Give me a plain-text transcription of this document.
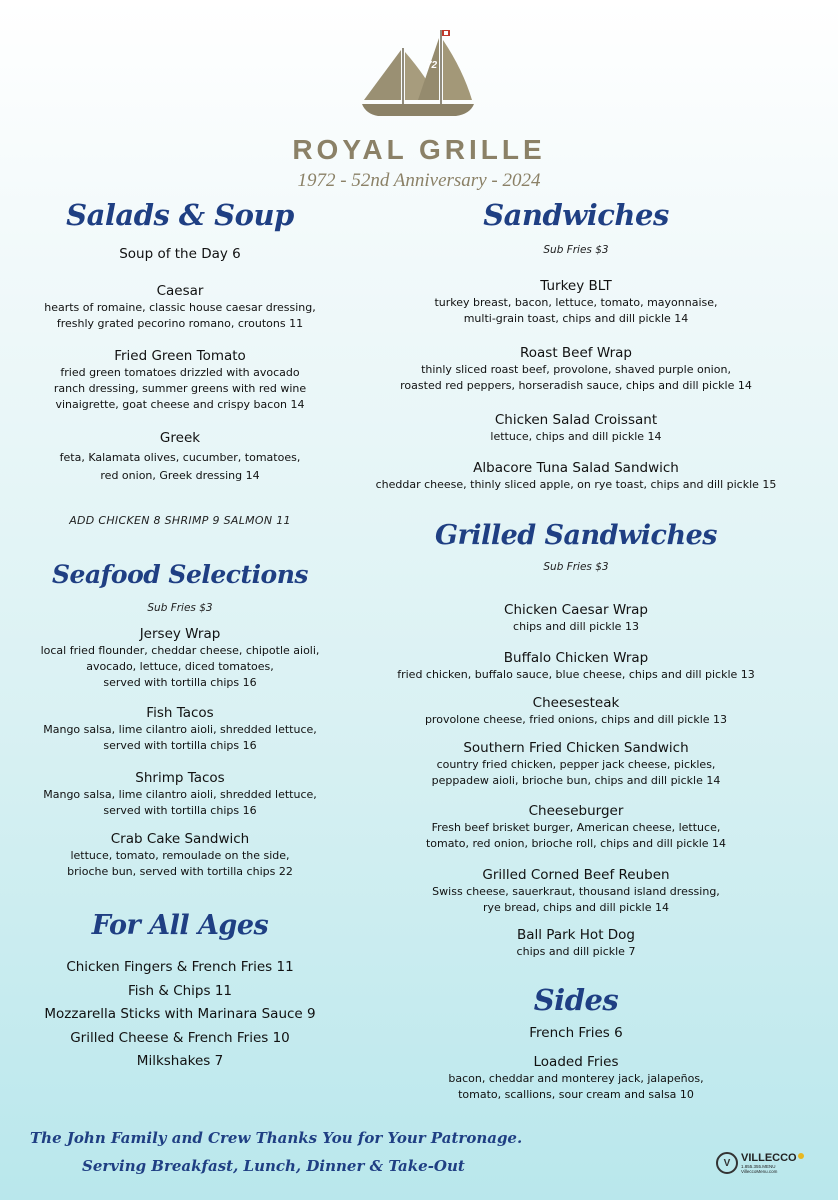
72
ROYAL GRILLE
1972 - 52nd Anniversary - 2024
Salads & Soup
Soup of the Day 6
Caesar
hearts of romaine, classic house caesar dressing,
freshly grated pecorino romano, croutons 11
Fried Green Tomato
fried green tomatoes drizzled with avocado
ranch dressing, summer greens with red wine
vinaigrette, goat cheese and crispy bacon 14
Greek
feta, Kalamata olives, cucumber, tomatoes,
red onion, Greek dressing 14
ADD CHICKEN 8 SHRIMP 9 SALMON 11
Seafood Selections
Sub Fries $3
Jersey Wrap
local fried flounder, cheddar cheese, chipotle aioli,
avocado, lettuce, diced tomatoes,
served with tortilla chips 16
Fish Tacos
Mango salsa, lime cilantro aioli, shredded lettuce,
served with tortilla chips 16
Shrimp Tacos
Mango salsa, lime cilantro aioli, shredded lettuce,
served with tortilla chips 16
Crab Cake Sandwich
lettuce, tomato, remoulade on the side,
brioche bun, served with tortilla chips 22
For All Ages
Chicken Fingers & French Fries 11
Fish & Chips 11
Mozzarella Sticks with Marinara Sauce 9
Grilled Cheese & French Fries 10
Milkshakes 7
Sandwiches
Sub Fries $3
Turkey BLT
turkey breast, bacon, lettuce, tomato, mayonnaise,
multi-grain toast, chips and dill pickle 14
Roast Beef Wrap
thinly sliced roast beef, provolone, shaved purple onion,
roasted red peppers, horseradish sauce, chips and dill pickle 14
Chicken Salad Croissant
lettuce, chips and dill pickle 14
Albacore Tuna Salad Sandwich
cheddar cheese, thinly sliced apple, on rye toast, chips and dill pickle 15
Grilled Sandwiches
Sub Fries $3
Chicken Caesar Wrap
chips and dill pickle 13
Buffalo Chicken Wrap
fried chicken, buffalo sauce, blue cheese, chips and dill pickle 13
Cheesesteak
provolone cheese, fried onions, chips and dill pickle 13
Southern Fried Chicken Sandwich
country fried chicken, pepper jack cheese, pickles,
peppadew aioli, brioche bun, chips and dill pickle 14
Cheeseburger
Fresh beef brisket burger, American cheese, lettuce,
tomato, red onion, brioche roll, chips and dill pickle 14
Grilled Corned Beef Reuben
Swiss cheese, sauerkraut, thousand island dressing,
rye bread, chips and dill pickle 14
Ball Park Hot Dog
chips and dill pickle 7
Sides
French Fries 6
Loaded Fries
bacon, cheddar and monterey jack, jalapeños,
tomato, scallions, sour cream and salsa 10
The John Family and Crew Thanks You for Your Patronage.
Serving Breakfast, Lunch, Dinner & Take-Out	V VILLECCO
1.855.355.MENU
VilleccoMenu.com
